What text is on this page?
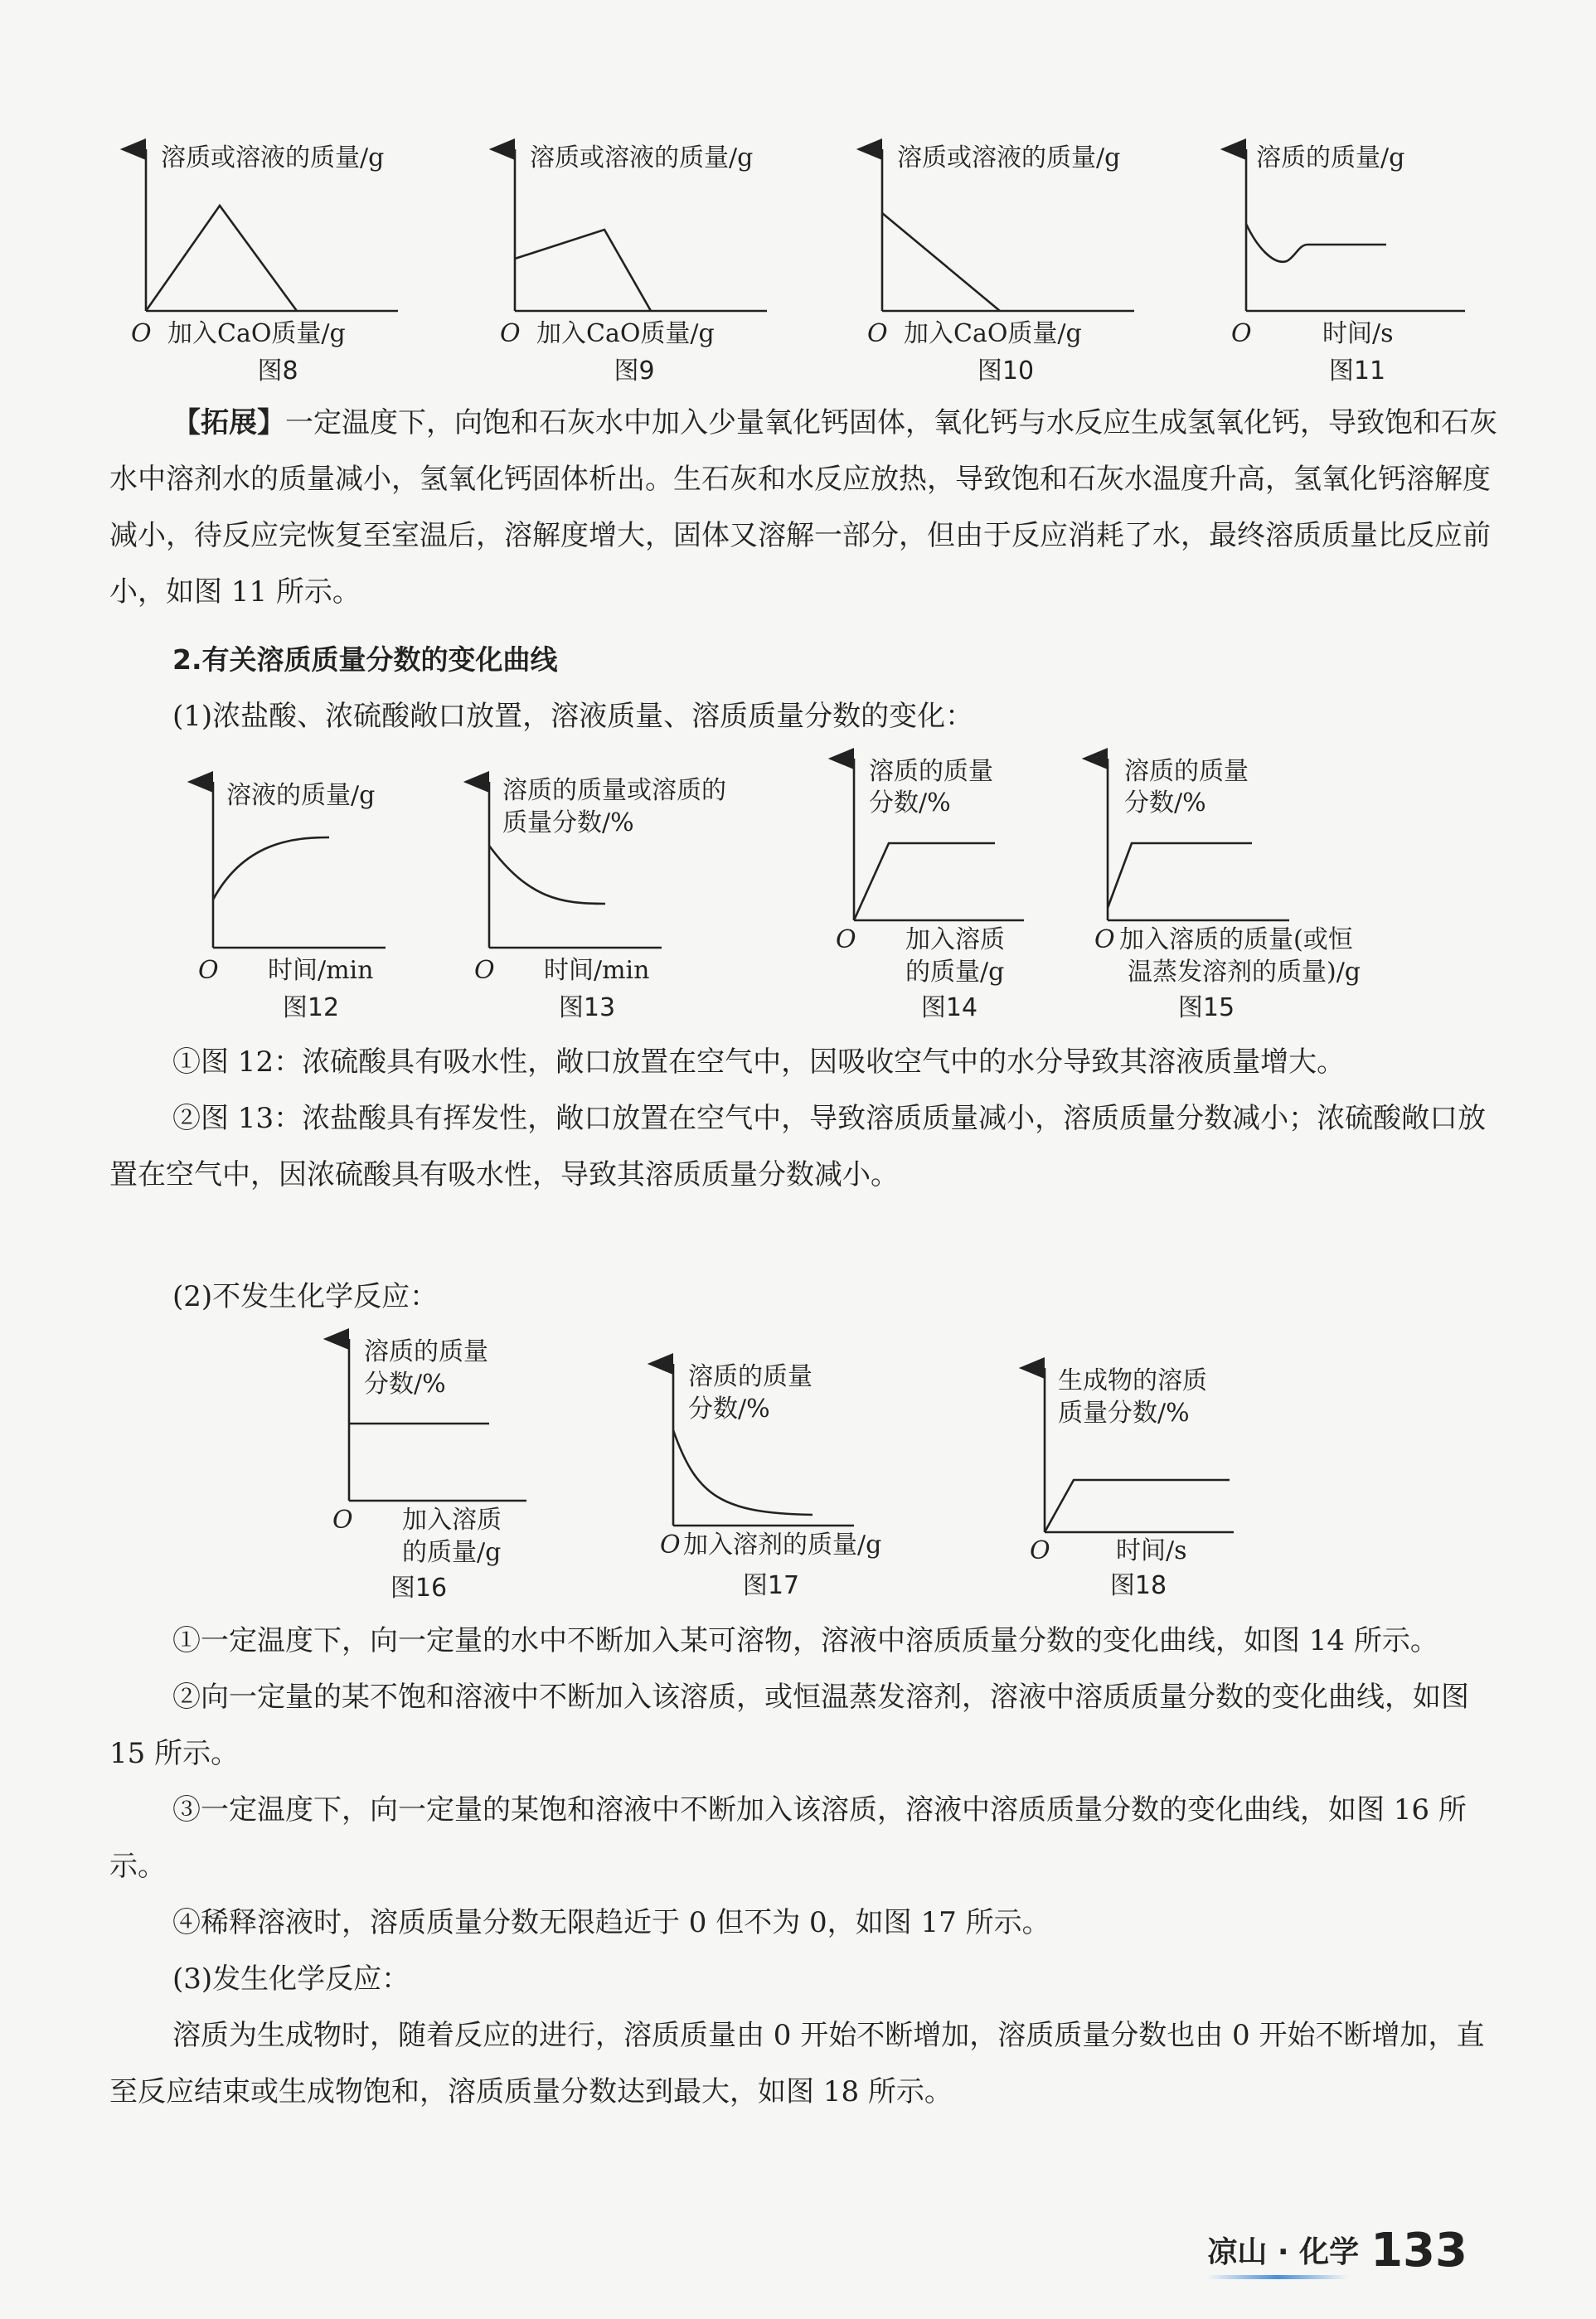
溶质或溶液的质量/g
O 加入CaO质量/g
图8
溶质或溶液的质量/g
O 加入CaO质量/g
图9
溶质或溶液的质量/g
O 加入CaO质量/g
图10
溶质的质量/g
O	时间/s
图11
【拓展】一定温度下，向饱和石灰水中加入少量氧化钙固体，氧化钙与水反应生成氢氧化钙，导致饱和石灰水中溶剂水的质量减小，氢氧化钙固体析出。生石灰和水反应放热，导致饱和石灰水温度升高，氢氧化钙溶解度减小，待反应完恢复至室温后，溶解度增大，固体又溶解一部分，但由于反应消耗了水，最终溶质质量比反应前小，如图 11 所示。
2.有关溶质质量分数的变化曲线
(1)浓盐酸、浓硫酸敞口放置，溶液质量、溶质质量分数的变化：
溶液的质量/g
O 时间/min
图12
溶质的质量或溶质的
质量分数/%
O 时间/min
图13
溶质的质量
分数/%
O 加入溶质
的质量/g
图14
溶质的质量
分数/%
O 加入溶质的质量(或恒
温蒸发溶剂的质量)/g
图15

①图 12：浓硫酸具有吸水性，敞口放置在空气中，因吸收空气中的水分导致其溶液质量增大。

②图 13：浓盐酸具有挥发性，敞口放置在空气中，导致溶质质量减小，溶质质量分数减小；浓硫酸敞口放置在空气中，因浓硫酸具有吸水性，导致其溶质质量分数减小。

(2)不发生化学反应：
溶质的质量
分数/%
O 加入溶质
的质量/g
图16
溶质的质量
分数/%
O 加入溶剂的质量/g
图17
生成物的溶质
质量分数/%
O	时间/s
图18

①一定温度下，向一定量的水中不断加入某可溶物，溶液中溶质质量分数的变化曲线，如图 14 所示。

②向一定量的某不饱和溶液中不断加入该溶质，或恒温蒸发溶剂，溶液中溶质质量分数的变化曲线，如图 15 所示。

③一定温度下，向一定量的某饱和溶液中不断加入该溶质，溶液中溶质质量分数的变化曲线，如图 16 所示。

④稀释溶液时，溶质质量分数无限趋近于 0 但不为 0，如图 17 所示。

(3)发生化学反应：

溶质为生成物时，随着反应的进行，溶质质量由 0 开始不断增加，溶质质量分数也由 0 开始不断增加，直至反应结束或生成物饱和，溶质质量分数达到最大，如图 18 所示。

凉山 · 化学 133
